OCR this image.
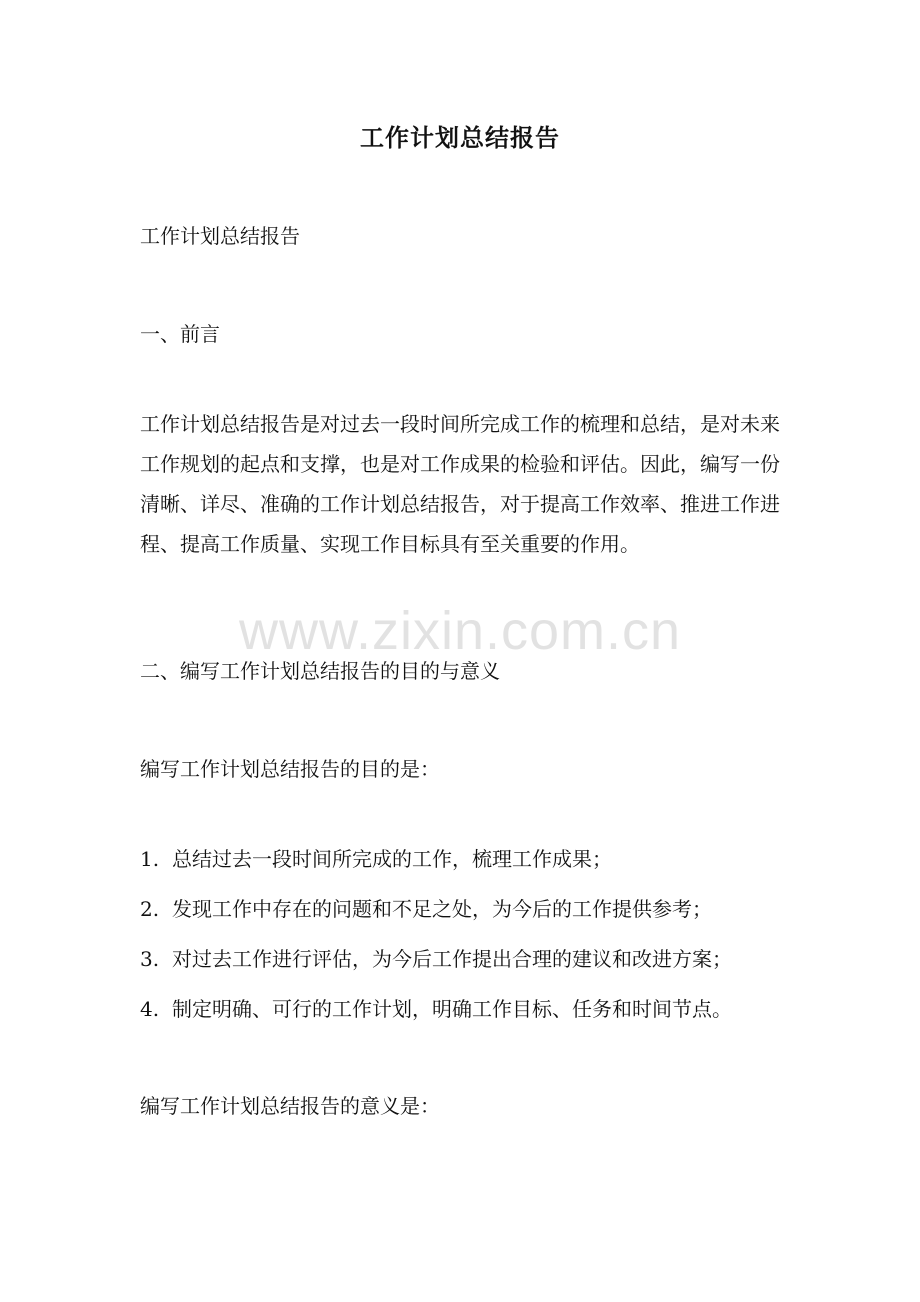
工作计划总结报告
工作计划总结报告
一、前言
工作计划总结报告是对过去一段时间所完成工作的梳理和总结，是对未来工作规划的起点和支撑，也是对工作成果的检验和评估。因此，编写一份清晰、详尽、准确的工作计划总结报告，对于提高工作效率、推进工作进程、提高工作质量、实现工作目标具有至关重要的作用。
二、编写工作计划总结报告的目的与意义
编写工作计划总结报告的目的是：
1. 总结过去一段时间所完成的工作，梳理工作成果；
2. 发现工作中存在的问题和不足之处，为今后的工作提供参考；
3. 对过去工作进行评估，为今后工作提出合理的建议和改进方案；
4. 制定明确、可行的工作计划，明确工作目标、任务和时间节点。
编写工作计划总结报告的意义是：
www.zixin.com.cn
